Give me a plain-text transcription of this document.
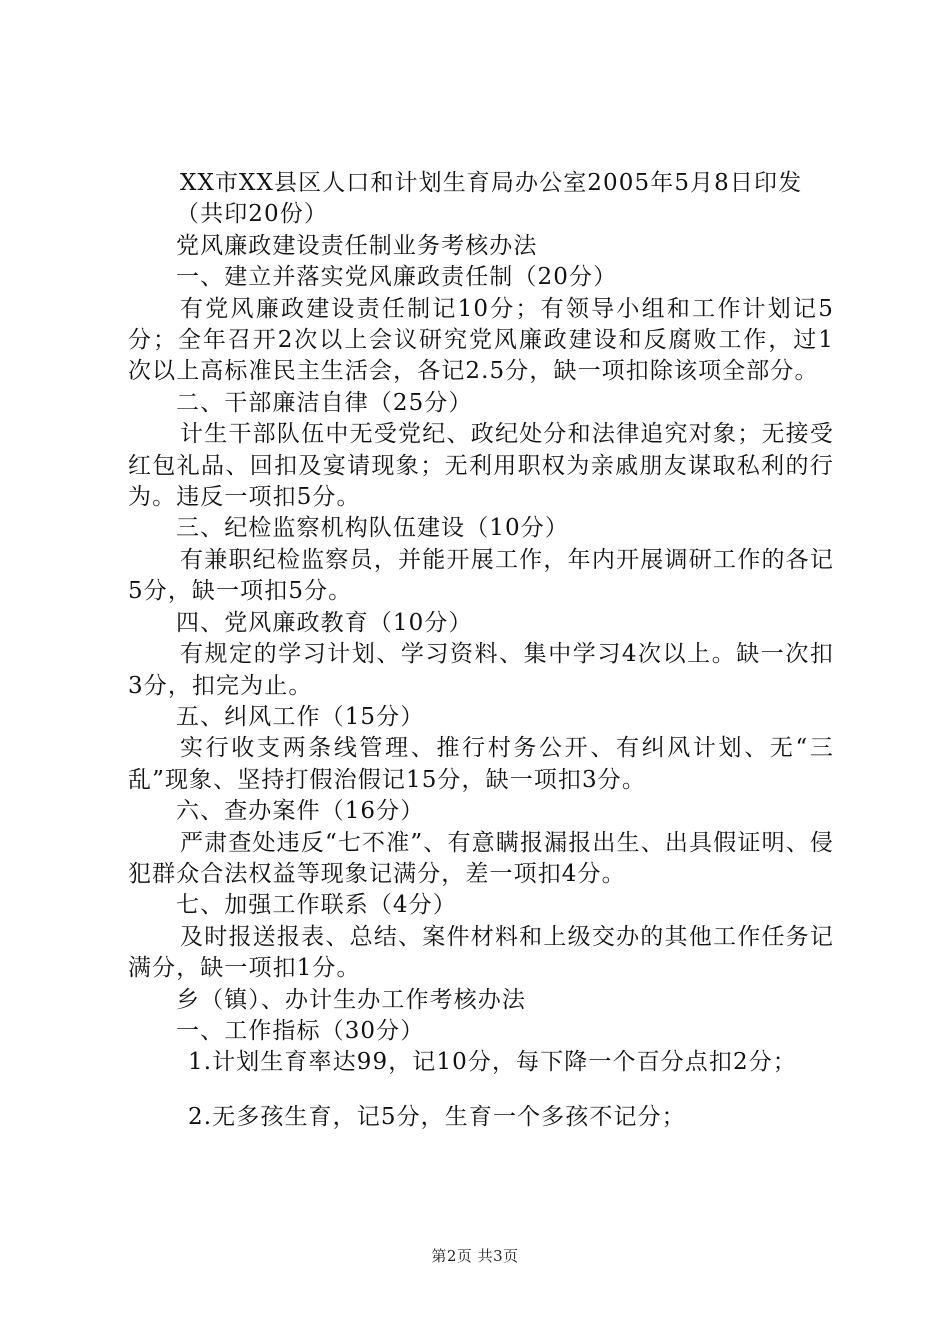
XX市XX县区人口和计划生育局办公室2005年5月8日印发

（共印20份）

党风廉政建设责任制业务考核办法

一、建立并落实党风廉政责任制（20分）

有党风廉政建设责任制记10分；有领导小组和工作计划记5分；全年召开2次以上会议研究党风廉政建设和反腐败工作，过1次以上高标准民主生活会，各记2.5分，缺一项扣除该项全部分。

二、干部廉洁自律（25分）

计生干部队伍中无受党纪、政纪处分和法律追究对象；无接受红包礼品、回扣及宴请现象；无利用职权为亲戚朋友谋取私利的行为。违反一项扣5分。

三、纪检监察机构队伍建设（10分）

有兼职纪检监察员，并能开展工作，年内开展调研工作的各记5分，缺一项扣5分。

四、党风廉政教育（10分）

有规定的学习计划、学习资料、集中学习4次以上。缺一次扣3分，扣完为止。

五、纠风工作（15分）

实行收支两条线管理、推行村务公开、有纠风计划、无“三乱”现象、坚持打假治假记15分，缺一项扣3分。

六、查办案件（16分）

严肃查处违反“七不准”、有意瞒报漏报出生、出具假证明、侵犯群众合法权益等现象记满分，差一项扣4分。

七、加强工作联系（4分）

及时报送报表、总结、案件材料和上级交办的其他工作任务记满分，缺一项扣1分。

乡（镇）、办计生办工作考核办法

一、工作指标（30分）

1.计划生育率达99，记10分，每下降一个百分点扣2分；

2.无多孩生育，记5分，生育一个多孩不记分；

第2页 共3页
